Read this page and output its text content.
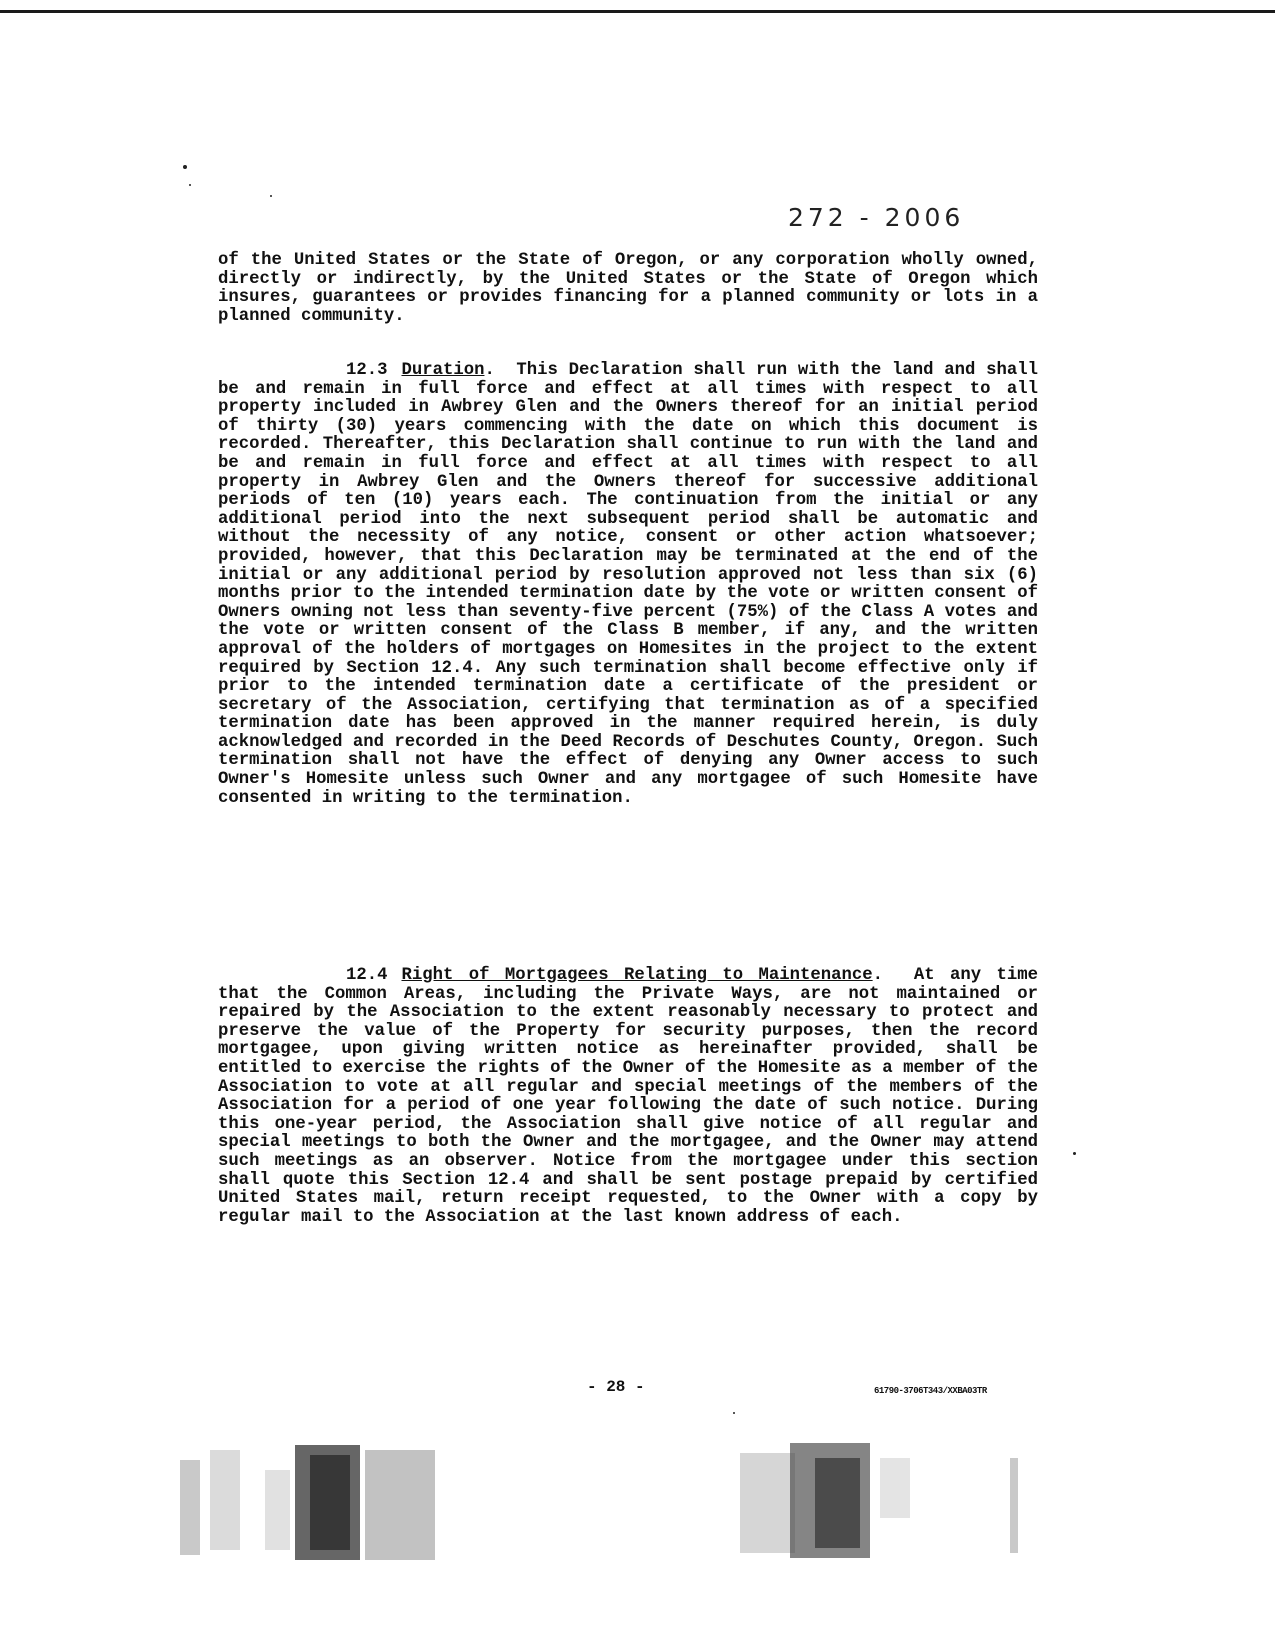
272 - 2006
of the United States or the State of Oregon, or any corporation wholly owned, directly or indirectly, by the United States or the State of Oregon which insures, guarantees or provides financing for a planned community or lots in a planned community.
12.3 Duration.  This Declaration shall run with the land and shall be and remain in full force and effect at all times with respect to all property included in Awbrey Glen and the Owners thereof for an initial period of thirty (30) years commencing with the date on which this document is recorded. Thereafter, this Declaration shall continue to run with the land and be and remain in full force and effect at all times with respect to all property in Awbrey Glen and the Owners thereof for successive additional periods of ten (10) years each. The continuation from the initial or any additional period into the next subsequent period shall be automatic and without the necessity of any notice, consent or other action whatsoever; provided, however, that this Declaration may be terminated at the end of the initial or any additional period by resolution approved not less than six (6) months prior to the intended termination date by the vote or written consent of Owners owning not less than seventy-five percent (75%) of the Class A votes and the vote or written consent of the Class B member, if any, and the written approval of the holders of mortgages on Homesites in the project to the extent required by Section 12.4. Any such termination shall become effective only if prior to the intended termination date a certificate of the president or secretary of the Association, certifying that termination as of a specified termination date has been approved in the manner required herein, is duly acknowledged and recorded in the Deed Records of Deschutes County, Oregon. Such termination shall not have the effect of denying any Owner access to such Owner's Homesite unless such Owner and any mortgagee of such Homesite have consented in writing to the termination.
12.4 Right of Mortgagees Relating to Maintenance.  At any time that the Common Areas, including the Private Ways, are not maintained or repaired by the Association to the extent reasonably necessary to protect and preserve the value of the Property for security purposes, then the record mortgagee, upon giving written notice as hereinafter provided, shall be entitled to exercise the rights of the Owner of the Homesite as a member of the Association to vote at all regular and special meetings of the members of the Association for a period of one year following the date of such notice. During this one-year period, the Association shall give notice of all regular and special meetings to both the Owner and the mortgagee, and the Owner may attend such meetings as an observer. Notice from the mortgagee under this section shall quote this Section 12.4 and shall be sent postage prepaid by certified United States mail, return receipt requested, to the Owner with a copy by regular mail to the Association at the last known address of each.
- 28 -	61790-3706T343/XXBA03TR
